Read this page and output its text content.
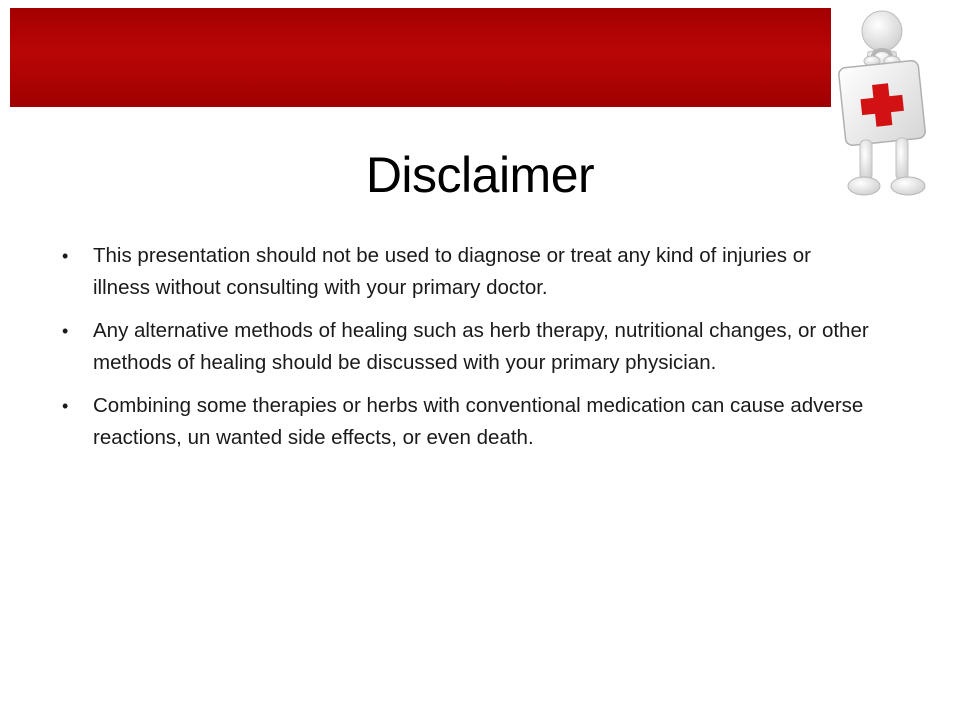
Disclaimer
•	This presentation should not be used to diagnose or treat any kind of injuries or illness without consulting with your primary doctor.
•	Any alternative methods of healing such as herb therapy, nutritional changes, or other methods of healing should be discussed with your primary physician.
•	Combining some therapies or herbs with conventional medication can cause adverse reactions, un wanted side effects, or even death.
